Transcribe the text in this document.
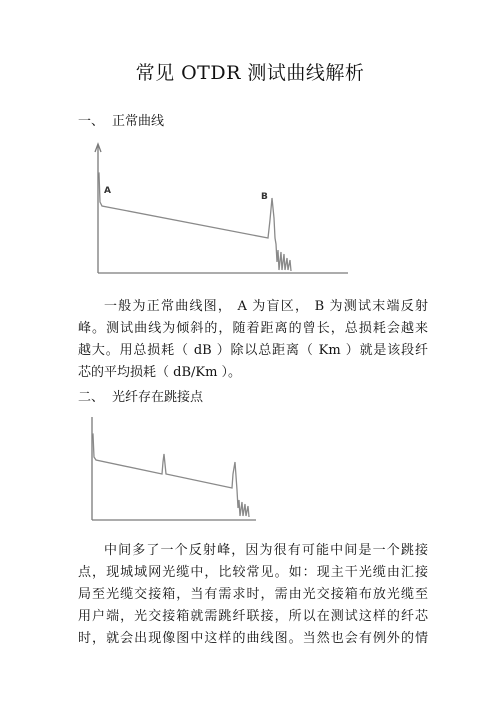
常见 OTDR 测试曲线解析
一、 正常曲线
A
B

一般为正常曲线图， A 为盲区， B 为测试末端反射

峰。测试曲线为倾斜的，随着距离的曾长，总损耗会越来

越大。用总损耗（ dB ）除以总距离（ Km ）就是该段纤

芯的平均损耗（ dB/Km ）。

二、 光纤存在跳接点

中间多了一个反射峰，因为很有可能中间是一个跳接

点，现城域网光缆中，比较常见。如：现主干光缆由汇接

局至光缆交接箱，当有需求时，需由光交接箱布放光缆至

用户端，光交接箱就需跳纤联接，所以在测试这样的纤芯

时，就会出现像图中这样的曲线图。当然也会有例外的情
